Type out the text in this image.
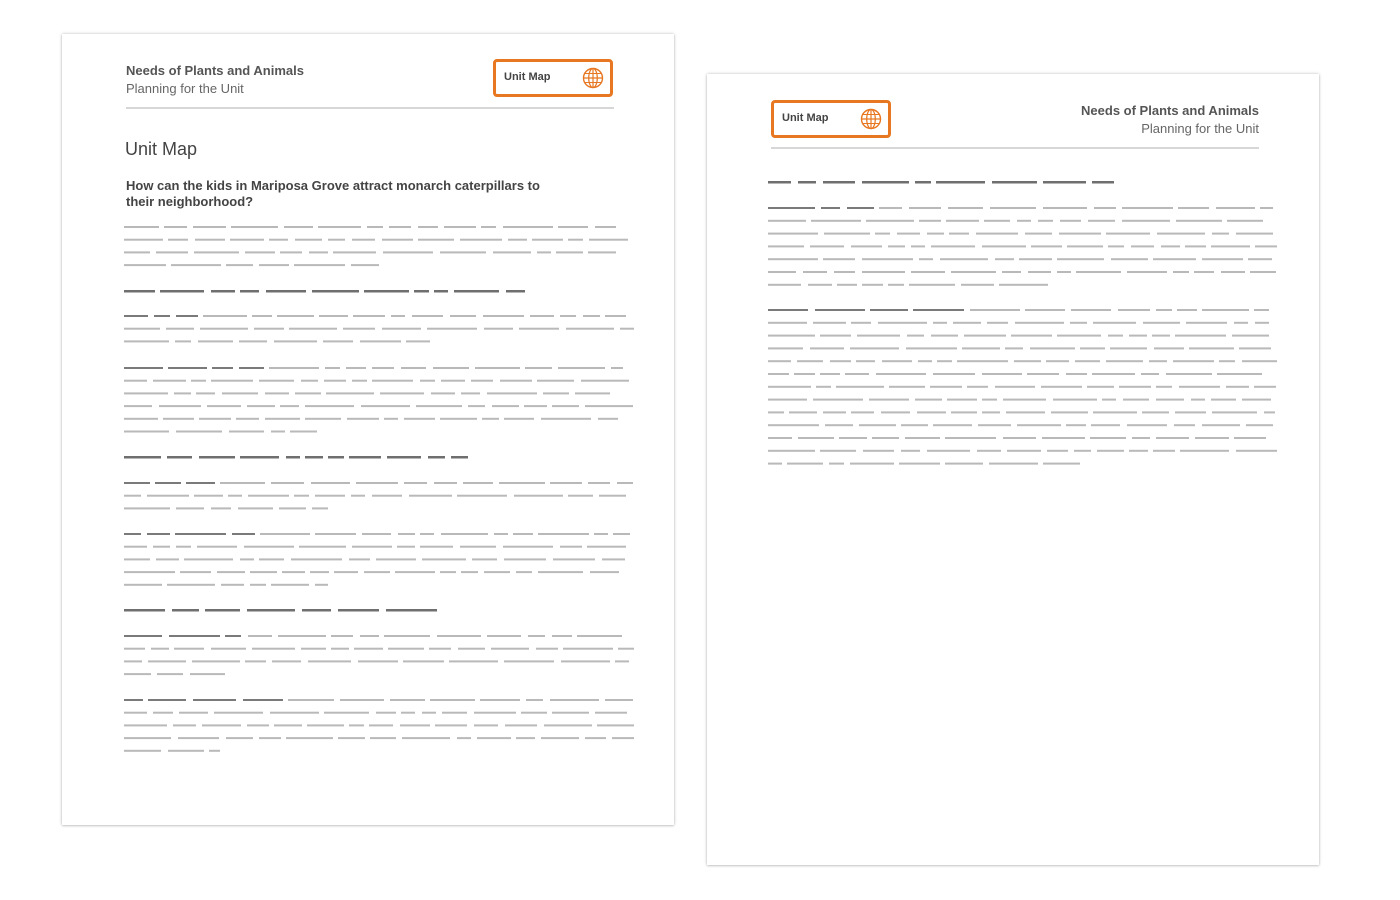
Needs of Plants and Animals
Planning for the Unit
Unit Map
Unit Map
How can the kids in Mariposa Grove attract monarch caterpillars to their neighborhood?
Unit Map	Needs of Plants and Animals
Planning for the Unit
